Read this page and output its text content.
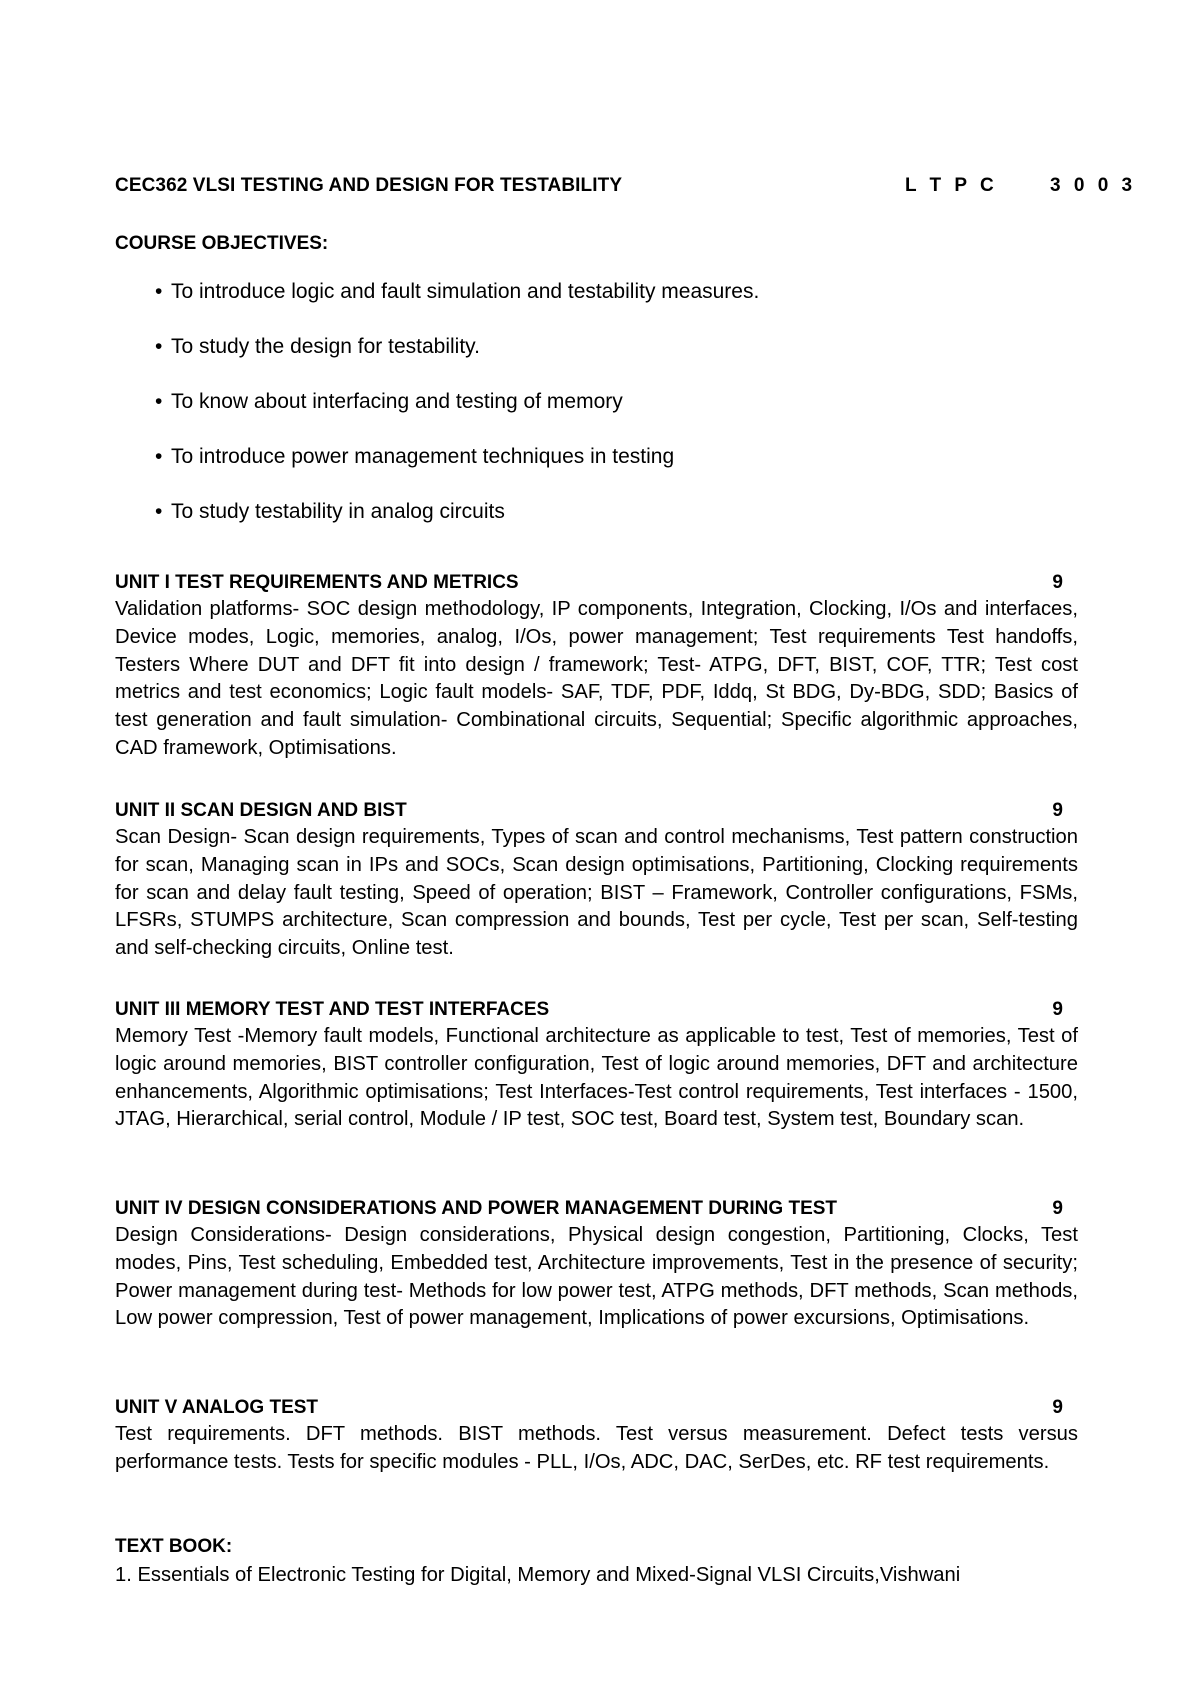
CEC362 VLSI TESTING AND DESIGN FOR TESTABILITY	L T P C	3 0 0 3
COURSE OBJECTIVES:
• To introduce logic and fault simulation and testability measures.
• To study the design for testability.
• To know about interfacing and testing of memory
• To introduce power management techniques in testing
• To study testability in analog circuits
UNIT I TEST REQUIREMENTS AND METRICS	9

Validation platforms- SOC design methodology, IP components, Integration, Clocking, I/Os and interfaces, Device modes, Logic, memories, analog, I/Os, power management; Test requirements Test handoffs, Testers Where DUT and DFT fit into design / framework; Test- ATPG, DFT, BIST, COF, TTR; Test cost metrics and test economics; Logic fault models- SAF, TDF, PDF, Iddq, St BDG, Dy-BDG, SDD; Basics of test generation and fault simulation- Combinational circuits, Sequential; Specific algorithmic approaches, CAD framework, Optimisations.

UNIT II SCAN DESIGN AND BIST	9

Scan Design- Scan design requirements, Types of scan and control mechanisms, Test pattern construction for scan, Managing scan in IPs and SOCs, Scan design optimisations, Partitioning, Clocking requirements for scan and delay fault testing, Speed of operation; BIST – Framework, Controller configurations, FSMs, LFSRs, STUMPS architecture, Scan compression and bounds, Test per cycle, Test per scan, Self-testing and self-checking circuits, Online test.

UNIT III MEMORY TEST AND TEST INTERFACES	9

Memory Test -Memory fault models, Functional architecture as applicable to test, Test of memories, Test of logic around memories, BIST controller configuration, Test of logic around memories, DFT and architecture enhancements, Algorithmic optimisations; Test Interfaces-Test control requirements, Test interfaces - 1500, JTAG, Hierarchical, serial control, Module / IP test, SOC test, Board test, System test, Boundary scan.

UNIT IV DESIGN CONSIDERATIONS AND POWER MANAGEMENT DURING TEST	9

Design Considerations- Design considerations, Physical design congestion, Partitioning, Clocks, Test modes, Pins, Test scheduling, Embedded test, Architecture improvements, Test in the presence of security; Power management during test- Methods for low power test, ATPG methods, DFT methods, Scan methods, Low power compression, Test of power management, Implications of power excursions, Optimisations.

UNIT V ANALOG TEST	9

Test requirements. DFT methods. BIST methods. Test versus measurement. Defect tests versus performance tests. Tests for specific modules - PLL, I/Os, ADC, DAC, SerDes, etc. RF test requirements.

TEXT BOOK:
1. Essentials of Electronic Testing for Digital, Memory and Mixed-Signal VLSI Circuits,Vishwani
